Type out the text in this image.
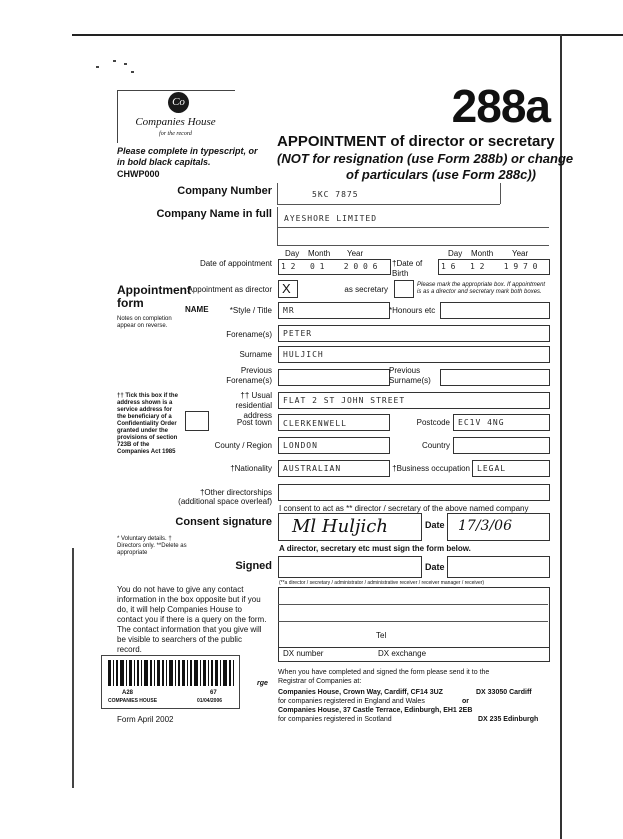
Co
Companies House
for the record
288a
APPOINTMENT of director or secretary
(NOT for resignation (use Form 288b) or change
of particulars (use Form 288c))
Please complete in typescript, or in bold black capitals.
CHWP000
Company Number	5KC 7875
Company Name in full AYESHORE LIMITED
Day Month Year
Date of appointment 1 2 0 1 2 0 0 6
Day Month Year
†Date of Birth
1 6 1 2 1 9 7 0
Appointment form
Appointment as director X	as secretary	Please mark the appropriate box. If appointment is as a director and secretary mark both boxes.
NAME
Notes on completion appear on reverse.
*Style / Title MR	*Honours etc
Forename(s) PETER
Surname HULJICH
Previous Forename(s)
Previous Surname(s)
†† Tick this box if the address shown is a service address for the beneficiary of a Confidentiality Order granted under the provisions of section 723B of the Companies Act 1985
†† Usual residential address
FLAT 2 ST JOHN STREET
Post town CLERKENWELL	Postcode EC1V 4NG
County / Region LONDON	Country
†Nationality AUSTRALIAN	†Business occupation LEGAL
†Other directorships
(additional space overleaf)
I consent to act as ** director / secretary of the above named company
Consent signature Ml Huljich	Date 17/3/06
* Voluntary details. † Directors only. **Delete as appropriate	A director, secretary etc must sign the form below.
Signed	Date
(**a director / secretary / administrator / administrative receiver / receiver manager / receiver)
You do not have to give any contact information in the box opposite but if you do, it will help Companies House to contact you if there is a query on the form. The contact information that you give will be visible to searchers of the public record.
Tel
DX number	DX exchange
A28
COMPANIES HOUSE
67
01/04/2006
rge
Form April 2002
When you have completed and signed the form please send it to the
Registrar of Companies at:
Companies House, Crown Way, Cardiff, CF14 3UZ	DX 33050 Cardiff
for companies registered in England and Wales	or
Companies House, 37 Castle Terrace, Edinburgh, EH1 2EB
for companies registered in Scotland	DX 235 Edinburgh
